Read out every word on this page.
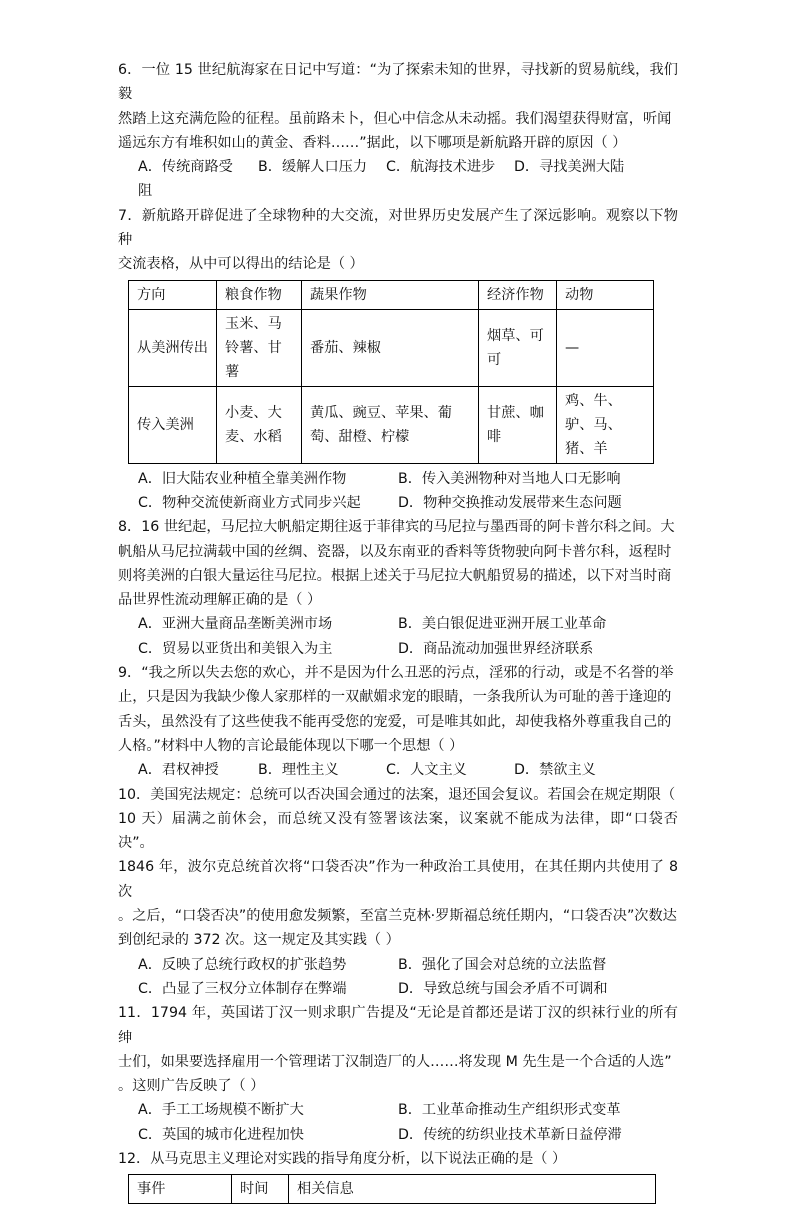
6．一位 15 世纪航海家在日记中写道：“为了探索未知的世界，寻找新的贸易航线，我们毅
然踏上这充满危险的征程。虽前路未卜，但心中信念从未动摇。我们渴望获得财富，听闻
遥远东方有堆积如山的黄金、香料……”据此，以下哪项是新航路开辟的原因（ ）
A．传统商路受阻
B．缓解人口压力	C．航海技术进步	D．寻找美洲大陆
7．新航路开辟促进了全球物种的大交流，对世界历史发展产生了深远影响。观察以下物种
交流表格，从中可以得出的结论是（ ）
方向	粮食作物	蔬果作物	经济作物	动物
从美洲传出	玉米、马铃薯、甘薯	番茄、辣椒	烟草、可可	—
传入美洲	小麦、大麦、水稻	黄瓜、豌豆、苹果、葡萄、甜橙、柠檬	甘蔗、咖啡	鸡、牛、驴、马、猪、羊
A．旧大陆农业种植全靠美洲作物	B．传入美洲物种对当地人口无影响
C．物种交流使新商业方式同步兴起	D．物种交换推动发展带来生态问题
8．16 世纪起，马尼拉大帆船定期往返于菲律宾的马尼拉与墨西哥的阿卡普尔科之间。大
帆船从马尼拉满载中国的丝绸、瓷器，以及东南亚的香料等货物驶向阿卡普尔科，返程时
则将美洲的白银大量运往马尼拉。根据上述关于马尼拉大帆船贸易的描述，以下对当时商
品世界性流动理解正确的是（ ）
A．亚洲大量商品垄断美洲市场	B．美白银促进亚洲开展工业革命
C．贸易以亚货出和美银入为主	D．商品流动加强世界经济联系
9．“我之所以失去您的欢心，并不是因为什么丑恶的污点，淫邪的行动，或是不名誉的举
止，只是因为我缺少像人家那样的一双献媚求宠的眼睛，一条我所认为可耻的善于逢迎的
舌头，虽然没有了这些使我不能再受您的宠爱，可是唯其如此，却使我格外尊重我自己的
人格。”材料中人物的言论最能体现以下哪一个思想（ ）
A．君权神授	B．理性主义	C．人文主义	D．禁欲主义
10．美国宪法规定：总统可以否决国会通过的法案，退还国会复议。若国会在规定期限（
10 天）届满之前休会，而总统又没有签署该法案，议案就不能成为法律，即“口袋否决”。
1846 年，波尔克总统首次将“口袋否决”作为一种政治工具使用，在其任期内共使用了 8 次
。之后，“口袋否决”的使用愈发频繁，至富兰克林·罗斯福总统任期内，“口袋否决”次数达
到创纪录的 372 次。这一规定及其实践（ ）
A．反映了总统行政权的扩张趋势	B．强化了国会对总统的立法监督
C．凸显了三权分立体制存在弊端	D．导致总统与国会矛盾不可调和
11．1794 年，英国诺丁汉一则求职广告提及“无论是首都还是诺丁汉的织袜行业的所有绅
士们，如果要选择雇用一个管理诺丁汉制造厂的人……将发现 M 先生是一个合适的人选”
。这则广告反映了（ ）
A．手工工场规模不断扩大	B．工业革命推动生产组织形式变革
C．英国的城市化进程加快	D．传统的纺织业技术革新日益停滞
12．从马克思主义理论对实践的指导角度分析，以下说法正确的是（ ）
事件	时间	相关信息
